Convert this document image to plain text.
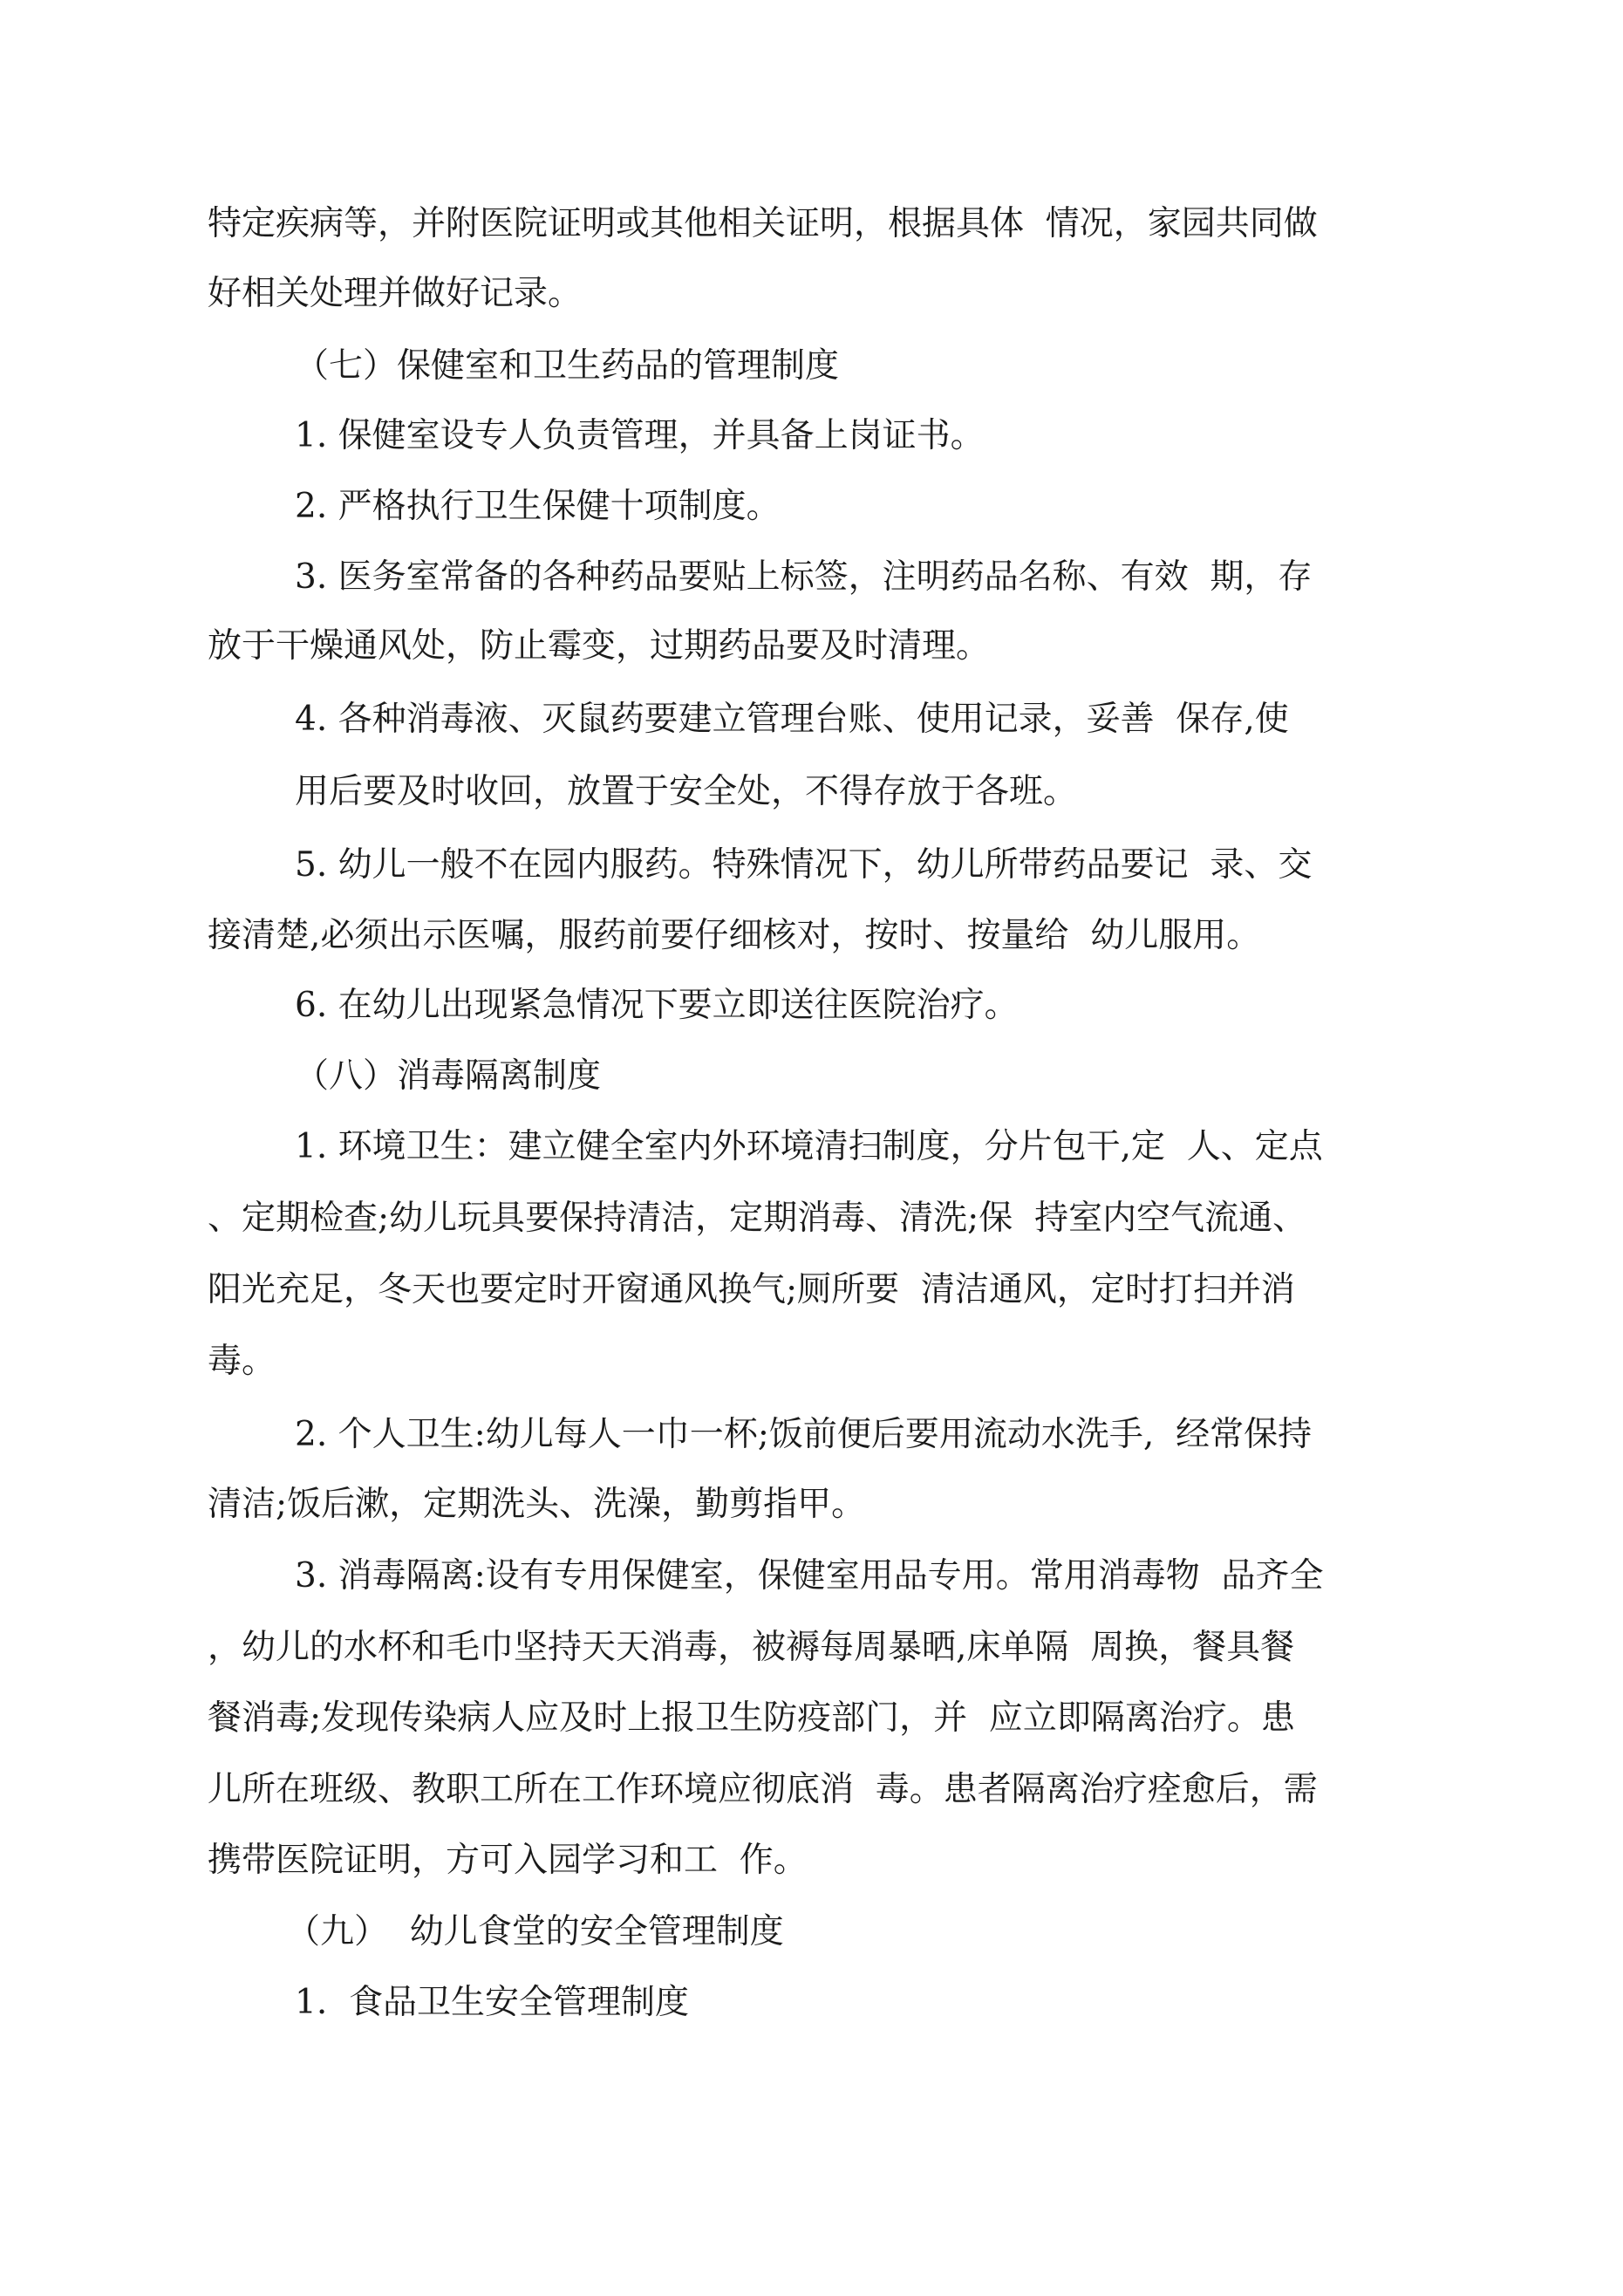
特定疾病等，并附医院证明或其他相关证明，根据具体  情况，家园共同做

好相关处理并做好记录。

（七）保健室和卫生药品的管理制度

1. 保健室设专人负责管理，并具备上岗证书。

2. 严格执行卫生保健十项制度。

3. 医务室常备的各种药品要贴上标签，注明药品名称、有效  期，存

放于干燥通风处，防止霉变，过期药品要及时清理。

4. 各种消毒液、灭鼠药要建立管理台账、使用记录，妥善  保存,使

用后要及时收回，放置于安全处，不得存放于各班。

5. 幼儿一般不在园内服药。特殊情况下，幼儿所带药品要记  录、交

接清楚,必须出示医嘱，服药前要仔细核对，按时、按量给  幼儿服用。

6. 在幼儿出现紧急情况下要立即送往医院治疗。

（八）消毒隔离制度

1. 环境卫生：建立健全室内外环境清扫制度，分片包干,定  人、定点

、定期检查;幼儿玩具要保持清洁，定期消毒、清洗;保  持室内空气流通、

阳光充足，冬天也要定时开窗通风换气;厕所要  清洁通风，定时打扫并消

毒。

2. 个人卫生:幼儿每人一巾一杯;饭前便后要用流动水洗手,  经常保持

清洁;饭后漱，定期洗头、洗澡，勤剪指甲。

3. 消毒隔离:设有专用保健室，保健室用品专用。常用消毒物  品齐全

，幼儿的水杯和毛巾坚持天天消毒，被褥每周暴晒,床单隔  周换，餐具餐

餐消毒;发现传染病人应及时上报卫生防疫部门，并  应立即隔离治疗。患

儿所在班级、教职工所在工作环境应彻底消  毒。患者隔离治疗痊愈后，需

携带医院证明，方可入园学习和工  作。

（九）  幼儿食堂的安全管理制度

1.  食品卫生安全管理制度
